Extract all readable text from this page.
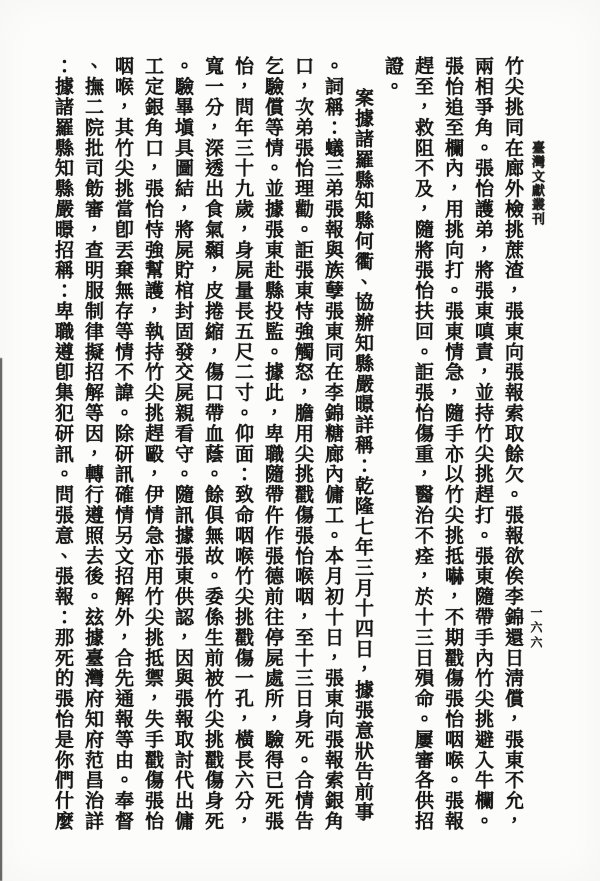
臺灣文獻叢刊
一六六
竹尖挑同在廊外檢挑蔗渣，張東向張報索取餘欠。張報欲俟李錦還日淸償，張東不允，
兩相爭角。張怡護弟，將張東嗔責，並持竹尖挑趕打。張東隨帶手內竹尖挑避入牛欄。
張怡追至欄內，用挑向打。張東情急，隨手亦以竹尖挑抵嚇，不期戳傷張怡咽喉。張報
趕至，救阻不及，隨將張怡扶回。詎張怡傷重，醫治不痊，於十三日殞命。屢審各供招
證。
案據諸羅縣知縣何衢、協辦知縣嚴暻詳稱：乾隆七年三月十四日，據張意狀告前事
。詞稱：蟻三弟張報與族孽張東同在李錦糖廊內傭工。本月初十日，張東向張報索銀角
口，次弟張怡理勸。詎張東恃強觸怒，膽用尖挑戳傷張怡喉咽，至十三日身死。合情告
乞驗償等情。並據張東赴縣投監。據此，卑職隨帶仵作張德前往停屍處所，驗得已死張
怡，問年三十九歲，身屍量長五尺二寸。仰面：致命咽喉竹尖挑戳傷一孔，橫長六分，
寬一分，深透出食氣顙，皮捲縮，傷口帶血蔭。餘俱無故。委係生前被竹尖挑戳傷身死
。驗畢塡具圖結，將屍貯棺封固發交屍親看守。隨訊據張東供認，因與張報取討代出傭
工定銀角口，張怡恃強幫護，執持竹尖挑趕毆，伊情急亦用竹尖挑抵禦，失手戳傷張怡
咽喉，其竹尖挑當卽丟棄無存等情不諱。除研訊確情另文招解外，合先通報等由。奉督
、撫二院批司飭審，查明服制律擬招解等因，轉行遵照去後。玆據臺灣府知府范昌治詳
：據諸羅縣知縣嚴暻招稱：卑職遵卽集犯研訊。問張意、張報：那死的張怡是你們什麼
